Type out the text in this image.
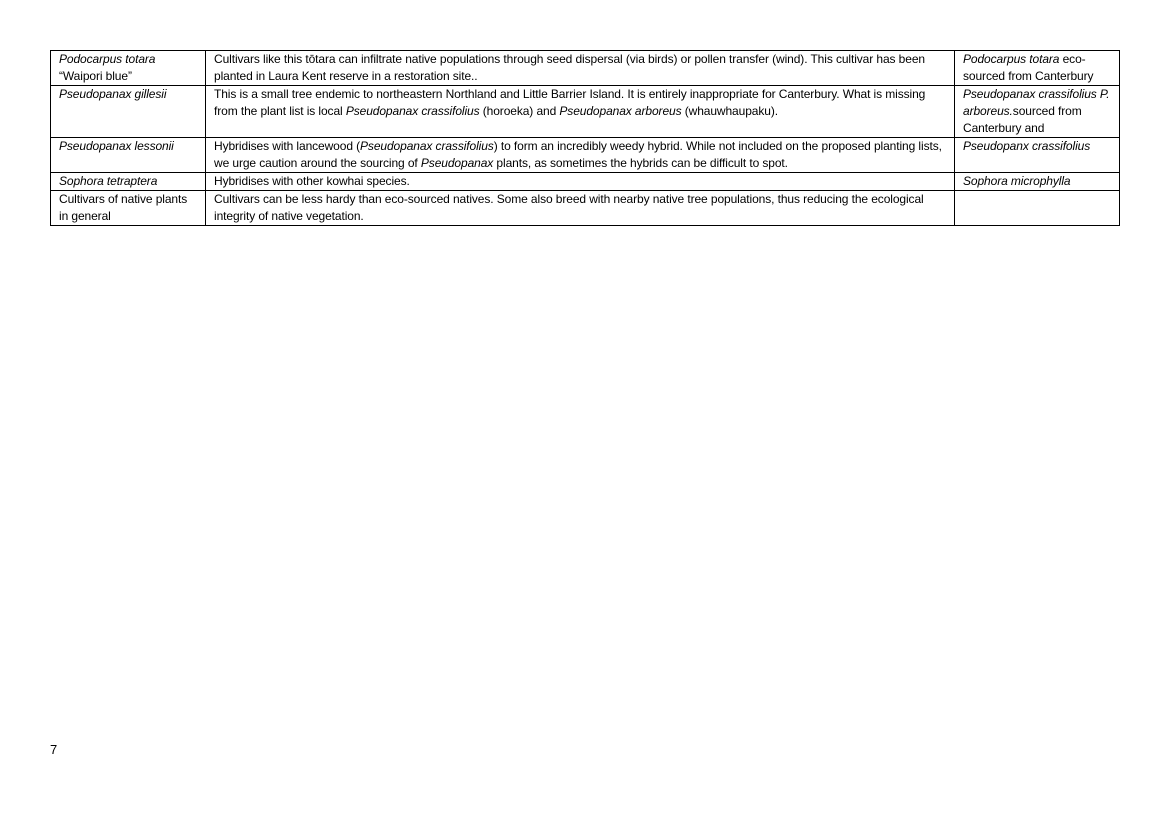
Podocarpus totara “Waipori blue”	Cultivars like this tōtara can infiltrate native populations through seed dispersal (via birds) or pollen transfer (wind). This cultivar has been planted in Laura Kent reserve in a restoration site..	Podocarpus totara eco-sourced from Canterbury
Pseudopanax gillesii	This is a small tree endemic to northeastern Northland and Little Barrier Island. It is entirely inappropriate for Canterbury. What is missing from the plant list is local Pseudopanax crassifolius (horoeka) and Pseudopanax arboreus (whauwhaupaku).	Pseudopanax crassifolius P. arboreus.sourced from Canterbury and
Pseudopanax lessonii	Hybridises with lancewood (Pseudopanax crassifolius) to form an incredibly weedy hybrid. While not included on the proposed planting lists, we urge caution around the sourcing of Pseudopanax plants, as sometimes the hybrids can be difficult to spot.	Pseudopanx crassifolius
Sophora tetraptera	Hybridises with other kowhai species.	Sophora microphylla
Cultivars of native plants in general	Cultivars can be less hardy than eco-sourced natives. Some also breed with nearby native tree populations, thus reducing the ecological integrity of native vegetation.	
7
